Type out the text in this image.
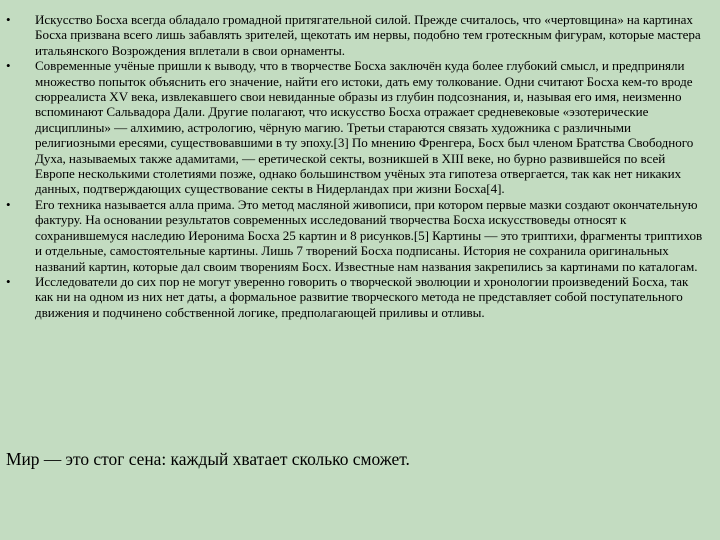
• Искусство Босха всегда обладало громадной притягательной силой. Прежде считалось, что «чертовщина» на картинах Босха призвана всего лишь забавлять зрителей, щекотать им нервы, подобно тем гротескным фигурам, которые мастера итальянского Возрождения вплетали в свои орнаменты.
• Современные учёные пришли к выводу, что в творчестве Босха заключён куда более глубокий смысл, и предприняли множество попыток объяснить его значение, найти его истоки, дать ему толкование. Одни считают Босха кем-то вроде сюрреалиста XV века, извлекавшего свои невиданные образы из глубин подсознания, и, называя его имя, неизменно вспоминают Сальвадора Дали. Другие полагают, что искусство Босха отражает средневековые «эзотерические дисциплины» — алхимию, астрологию, чёрную магию. Третьи стараются связать художника с различными религиозными ересями, существовавшими в ту эпоху.[3] По мнению Френгера, Босх был членом Братства Свободного Духа, называемых также адамитами, — еретической секты, возникшей в XIII веке, но бурно развившейся по всей Европе несколькими столетиями позже, однако большинством учёных эта гипотеза отвергается, так как нет никаких данных, подтверждающих существование секты в Нидерландах при жизни Босха[4].
• Его техника называется алла прима. Это метод масляной живописи, при котором первые мазки создают окончательную фактуру. На основании результатов современных исследований творчества Босха искусствоведы относят к сохранившемуся наследию Иеронима Босха 25 картин и 8 рисунков.[5] Картины — это триптихи, фрагменты триптихов и отдельные, самостоятельные картины. Лишь 7 творений Босха подписаны. История не сохранила оригинальных названий картин, которые дал своим творениям Босх. Известные нам названия закрепились за картинами по каталогам.
• Исследователи до сих пор не могут уверенно говорить о творческой эволюции и хронологии произведений Босха, так как ни на одном из них нет даты, а формальное развитие творческого метода не представляет собой поступательного движения и подчинено собственной логике, предполагающей приливы и отливы.
Мир — это стог сена: каждый хватает сколько сможет.
